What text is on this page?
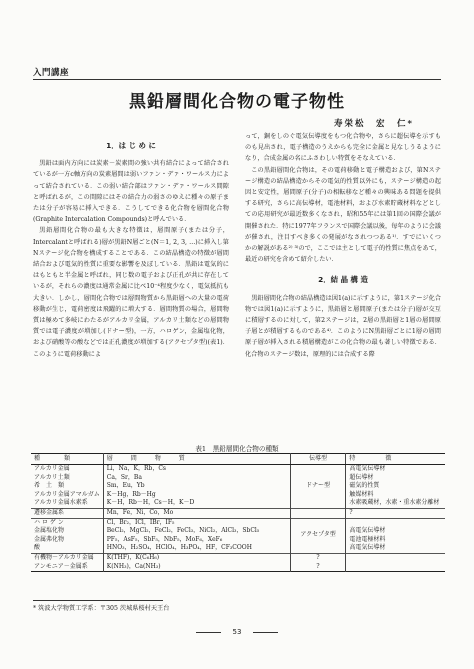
入門講座
黒鉛層間化合物の電子物性
寿栄松　宏　仁*
1．は じ め に

黒鉛は面内方向には炭素－炭素間の強い共有結合によって結合されているが一方c軸方向の炭素層間は弱いファン・デァ・ワールス力によって結合されている．この弱い結合部はファン・デァ・ワールス間隙と呼ばれるが，この間隙にはその結合力の弱さのゆえに種々の原子または分子が容易に挿入できる．こうしてできる化合物を層間化合物(Graphite Intercalation Compounds)と呼んでいる．

黒鉛層間化合物の最も大きな特徴は，層間原子(または分子，Intercalantと呼ばれる)層が黒鉛N層ごと(N＝1, 2, 3, …)に挿入し第Nステージ化合物を構成することである．この結晶構造の特徴が層間結合および電気的性質に重要な影響を及ぼしている．黒鉛は電気的にはもともと半金属と呼ばれ，同じ数の電子および正孔が共に存在しているが，それらの濃度は通常金属に比べ10⁻⁴程度少なく，電気抵抗も大きい．しかし，層間化合物では層間物質から黒鉛層への大量の電荷移動が生じ，電荷密度は飛躍的に増大する．層間物質の場合，層間物質は極めて多岐にわたるがアルカリ金属，アルカリ土類などの層間物質では電子濃度が増加し(ドナー型)，一方，ハロゲン，金属塩化物，および硝酸等の酸などでは正孔濃度が増加する(アクセプタ型)(表1)．このように電荷移動によ

って，銅をしのぐ電気伝導度をもつ化合物や，さらに超伝導を示すものも見出され，電子構造のうえからも完全に金属と見なしうるようになり，合成金属の名にふさわしい特質をそなえている．

この黒鉛層間化合物は，その電荷移動と電子構造および，第Nステージ構造の結晶構造からその電気的性質以外にも，ステージ構造の起因と安定性，層間原子(分子)の相転移など種々の興味ある問題を提供する研究，さらに高伝導材，電池材料，および水素貯蔵材料などとしての応用研究が最近数多くなされ，昭和55年には第1回の国際会議が開催された．特に1977年フランスで国際会議以後，毎年のように会議が催され，注目すべき多くの発展がなされつつある¹⁾．すでにいくつかの解説がある²⁾ ³⁾ので，ここでは主として電子的性質に焦点をあて，最近の研究を含めて紹介したい．

2．結 晶 構 造

黒鉛層間化合物の結晶構造は図1(a)に示すように，第1ステージ化合物では図1(a)に示すように，黒鉛層と層間原子(または分子)層が交互に積層するのに対して，第2ステージは，2層の黒鉛層と1層の層間原子層とが積層するものである⁴⁾．このようにN黒鉛層ごとに1層の層間原子層が挿入される積層構造がこの化合物の最も著しい特徴である．化合物のステージ数は，原理的には合成する際

表1　黒鉛層間化合物の種類
種　　　　類	層　　　間　　　物　　　質	伝導型	特　　　　　徴
アルカリ金属	Li，Na，K，Rb，Cs	ドナー型	高電気伝導材
アルカリ土類	Ca，Sr，Ba		超伝導材
希　土　類	Sm，Eu，Yb		磁気的性質
アルカリ金属アマルガム	K－Hg，Rb－Hg		触媒材料
アルカリ金属水素系	K－H，Rb－H，Cs－H，K－D		水素吸蔵材，水素・重水素分離材
遷移金属系	Mn，Fe，Ni，Co，Mo		?
ハ ロ ゲ ン	Cl，Br₂，ICl，IBr，IF₅	アクセプタ型	
金属塩化物	BeCl₂，MgCl₂，FeCl₂，FeCl₃，NiCl₂，AlCl₃，SbCl₅		高電気伝導材
金属弗化物	PF₅，AsF₅，SbF₅，NbF₅，MoF₆，XeF₆		電池電極材料
酸	HNO₃，H₂SO₄，HClO₄，H₃PO₄，HF，CF₃COOH		高電気伝導材
有機物－アルカリ金属	K(THF)，K(C₆H₆)	?	
アンモニア－金属系	K(NH₃)，Ca(NH₃)	?	
* 筑波大学物質工学系：〒305 茨城県桜村天王台
53
